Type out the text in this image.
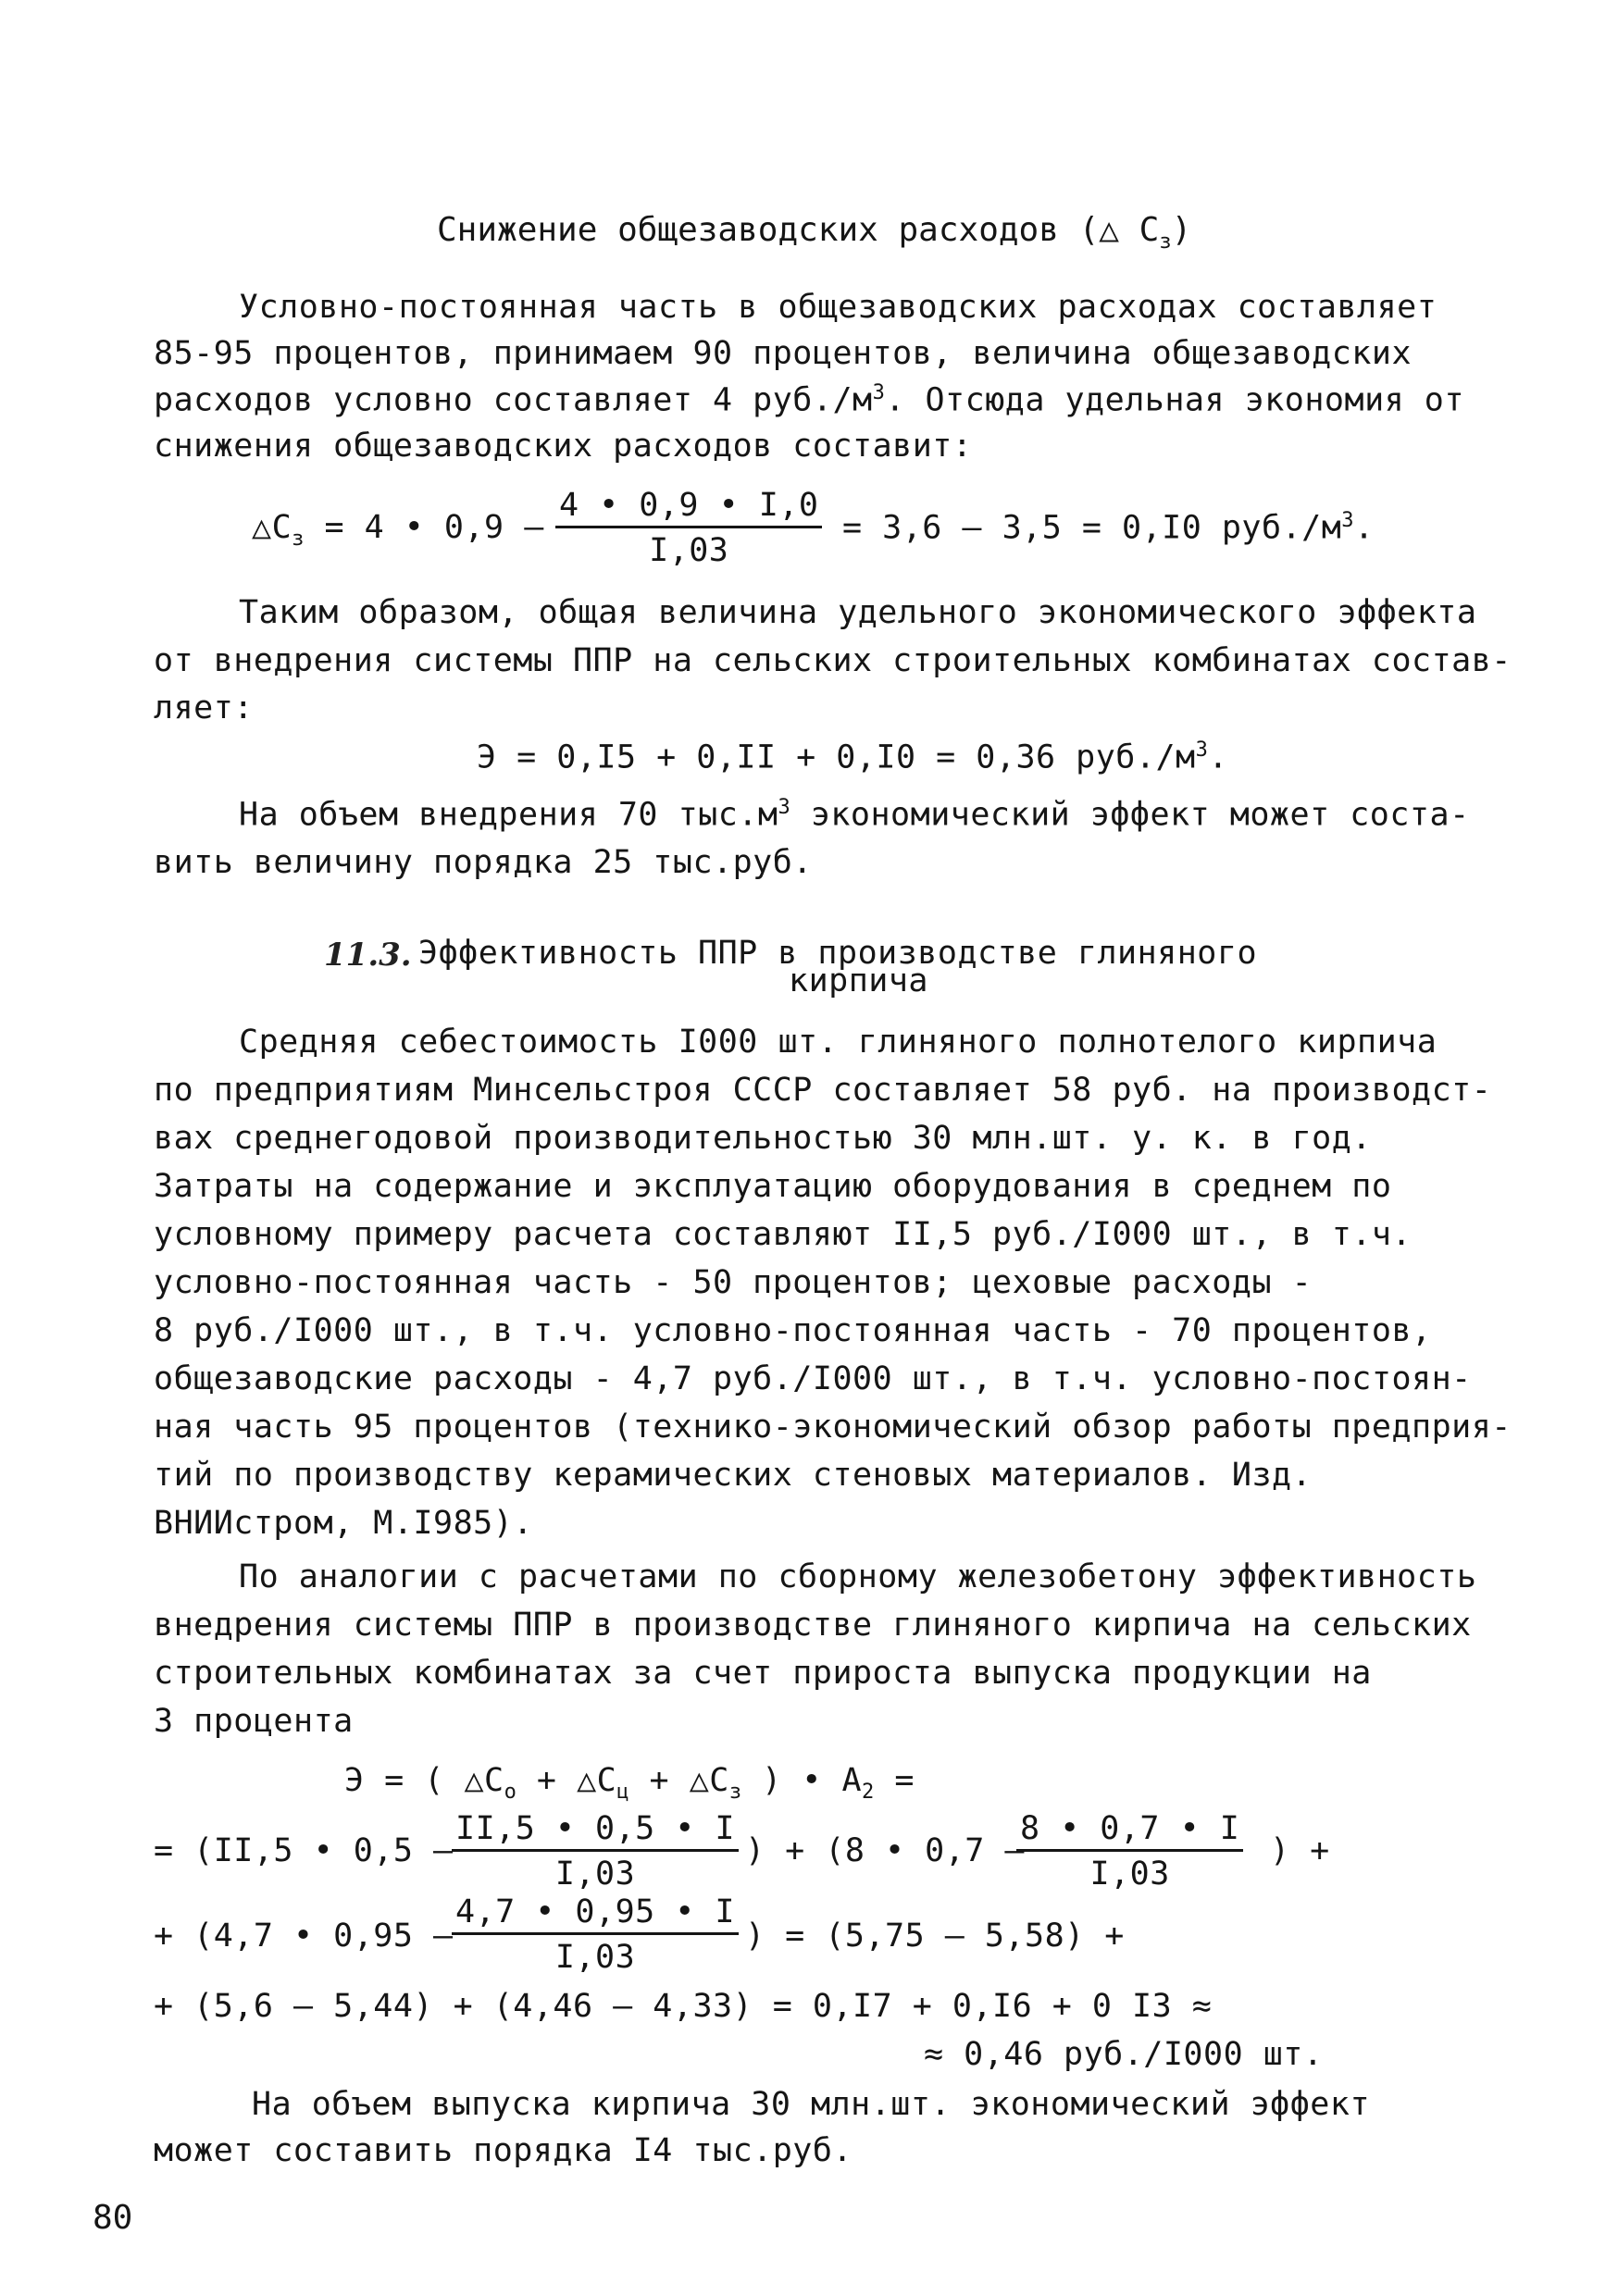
Снижение общезаводских расходов (△ $C_з$)
Условно-постоянная часть в общезаводских расходах составляет
85-95 процентов, принимаем 90 процентов, величина общезаводских
расходов условно составляет 4 $руб./м^3$. Отсюда удельная экономия от
снижения общезаводских расходов составит:
$\triangle C_з = 4$ • $0,9 - \frac{4 • 0,9 • I,0}{I,03} = 3,6 - 3,5 = 0,I0$ $руб./м^3$.
Таким образом, общая величина удельного экономического эффекта
от внедрения системы ППР на сельских строительных комбинатах состав-
ляет:
Э = 0,I5 + 0,II + 0,I0 = 0,36 $руб./м^3$.
На объем внедрения 70 $тыс.м^3$ экономический эффект может соста-
вить величину порядка 25 тыс.руб.
11.3. Эффективность ППР в производстве глиняного
кирпича
Средняя себестоимость I000 шт. глиняного полнотелого кирпича
по предприятиям Минсельстроя СССР составляет 58 руб. на производст-
вах среднегодовой производительностью 30 млн.шт. у. к. в год.
Затраты на содержание и эксплуатацию оборудования в среднем по
условному примеру расчета составляют II,5 руб./I000 шт., в т.ч.
условно-постоянная часть - 50 процентов; цеховые расходы -
8 руб./I000 шт., в т.ч. условно-постоянная часть - 70 процентов,
общезаводские расходы - 4,7 руб./I000 шт., в т.ч. условно-постоян-
ная часть 95 процентов (технико-экономический обзор работы предприя-
тий по производству керамических стеновых материалов. Изд.
ВНИИстром, М.I985).
По аналогии с расчетами по сборному железобетону эффективность
внедрения системы ППР в производстве глиняного кирпича на сельских
строительных комбинатах за счет прироста выпуска продукции на
3 процента
Э = ( $\triangle C_о$ + $\triangle C_ц$ + $\triangle C_з$ ) • $A_2$ =
= (II,5 • 0,5 –
$\frac{II,5 • 0,5 • I}{I,03}$ ) + (8 • 0,7 –
$\frac{8 • 0,7 • I}{I,03}$ ) +
+ (4,7 • 0,95 –
$\frac{4,7 • 0,95 • I}{I,03}$ ) = (5,75 – 5,58) +
+ (5,6 – 5,44) + (4,46 – 4,33) = 0,I7 + 0,I6 + 0 I3 ≈
≈ 0,46 руб./I000 шт.
На объем выпуска кирпича 30 млн.шт. экономический эффект
может составить порядка I4 тыс.руб.
80
